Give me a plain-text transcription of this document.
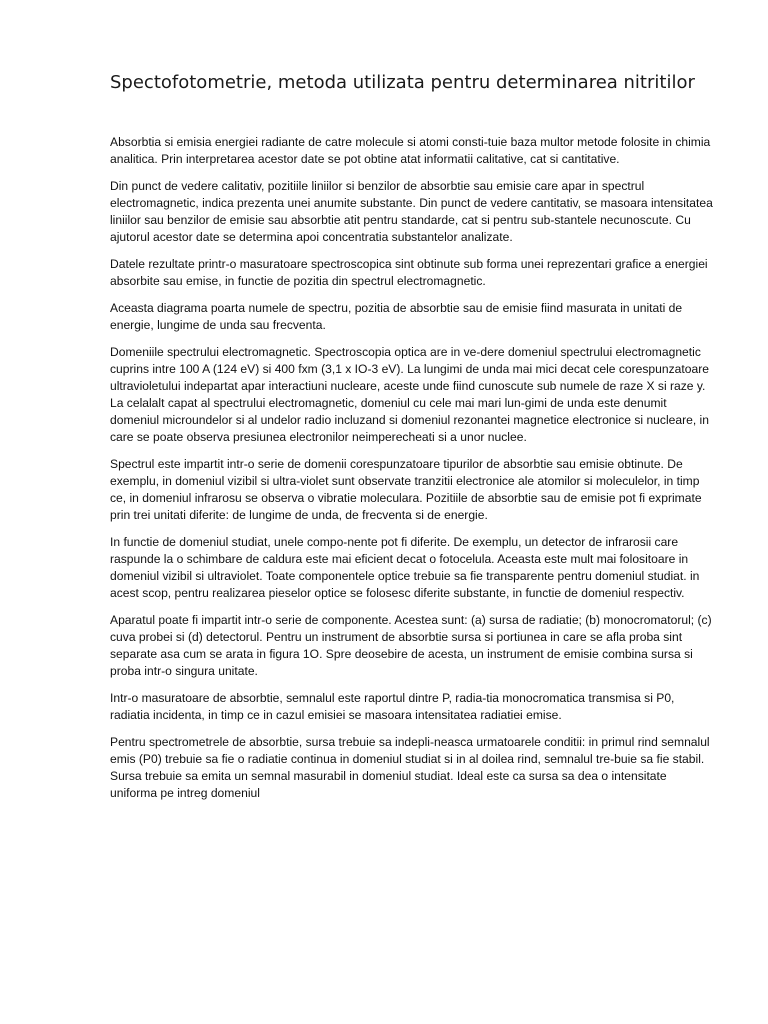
Spectofotometrie, metoda utilizata pentru determinarea nitritilor

Absorbtia si emisia energiei radiante de catre molecule si atomi consti-tuie baza multor metode folosite in chimia analitica. Prin interpretarea acestor date se pot obtine atat informatii calitative, cat si cantitative.

Din punct de vedere calitativ, pozitiile liniilor si benzilor de absorbtie sau emisie care apar in spectrul electromagnetic, indica prezenta unei anumite substante. Din punct de vedere cantitativ, se masoara intensitatea liniilor sau benzilor de emisie sau absorbtie atit pentru standarde, cat si pentru sub-stantele necunoscute. Cu ajutorul acestor date se determina apoi concentratia substantelor analizate.

Datele rezultate printr-o masuratoare spectroscopica sint obtinute sub forma unei reprezentari grafice a energiei absorbite sau emise, in functie de pozitia din spectrul electromagnetic.

Aceasta diagrama poarta numele de spectru, pozitia de absorbtie sau de emisie fiind masurata in unitati de energie, lungime de unda sau frecventa.

Domeniile spectrului electromagnetic. Spectroscopia optica are in ve-dere domeniul spectrului electromagnetic cuprins intre 100 A (124 eV) si 400 fxm (3,1 x IO-3 eV). La lungimi de unda mai mici decat cele corespunzatoare ultravioletului indepartat apar interactiuni nucleare, aceste unde fiind cunoscute sub numele de raze X si raze y. La celalalt capat al spectrului electromagnetic, domeniul cu cele mai mari lun-gimi de unda este denumit domeniul microundelor si al undelor radio incluzand si domeniul rezonantei magnetice electronice si nucleare, in care se poate observa presiunea electronilor neimperecheati si a unor nuclee.

Spectrul este impartit intr-o serie de domenii corespunzatoare tipurilor de absorbtie sau emisie obtinute. De exemplu, in domeniul vizibil si ultra-violet sunt observate tranzitii electronice ale atomilor si moleculelor, in timp ce, in domeniul infrarosu se observa o vibratie moleculara. Pozitiile de absorbtie sau de emisie pot fi exprimate prin trei unitati diferite: de lungime de unda, de frecventa si de energie.

In functie de domeniul studiat, unele compo-nente pot fi diferite. De exemplu, un detector de infrarosii care raspunde la o schimbare de caldura este mai eficient decat o fotocelula. Aceasta este mult mai folositoare in domeniul vizibil si ultraviolet. Toate componentele optice trebuie sa fie transparente pentru domeniul studiat. in acest scop, pentru realizarea pieselor optice se folosesc diferite substante, in functie de domeniul respectiv.

Aparatul poate fi impartit intr-o serie de componente. Acestea sunt: (a) sursa de radiatie; (b) monocromatorul; (c) cuva probei si (d) detectorul. Pentru un instrument de absorbtie sursa si portiunea in care se afla proba sint separate asa cum se arata in figura 1O. Spre deosebire de acesta, un instrument de emisie combina sursa si proba intr-o singura unitate.

Intr-o masuratoare de absorbtie, semnalul este raportul dintre P, radia-tia monocromatica transmisa si P0, radiatia incidenta, in timp ce in cazul emisiei se masoara intensitatea radiatiei emise.

Pentru spectrometrele de absorbtie, sursa trebuie sa indepli-neasca urmatoarele conditii: in primul rind semnalul emis (P0) trebuie sa fie o radiatie continua in domeniul studiat si in al doilea rind, semnalul tre-buie sa fie stabil. Sursa trebuie sa emita un semnal masurabil in domeniul studiat. Ideal este ca sursa sa dea o intensitate uniforma pe intreg domeniul
